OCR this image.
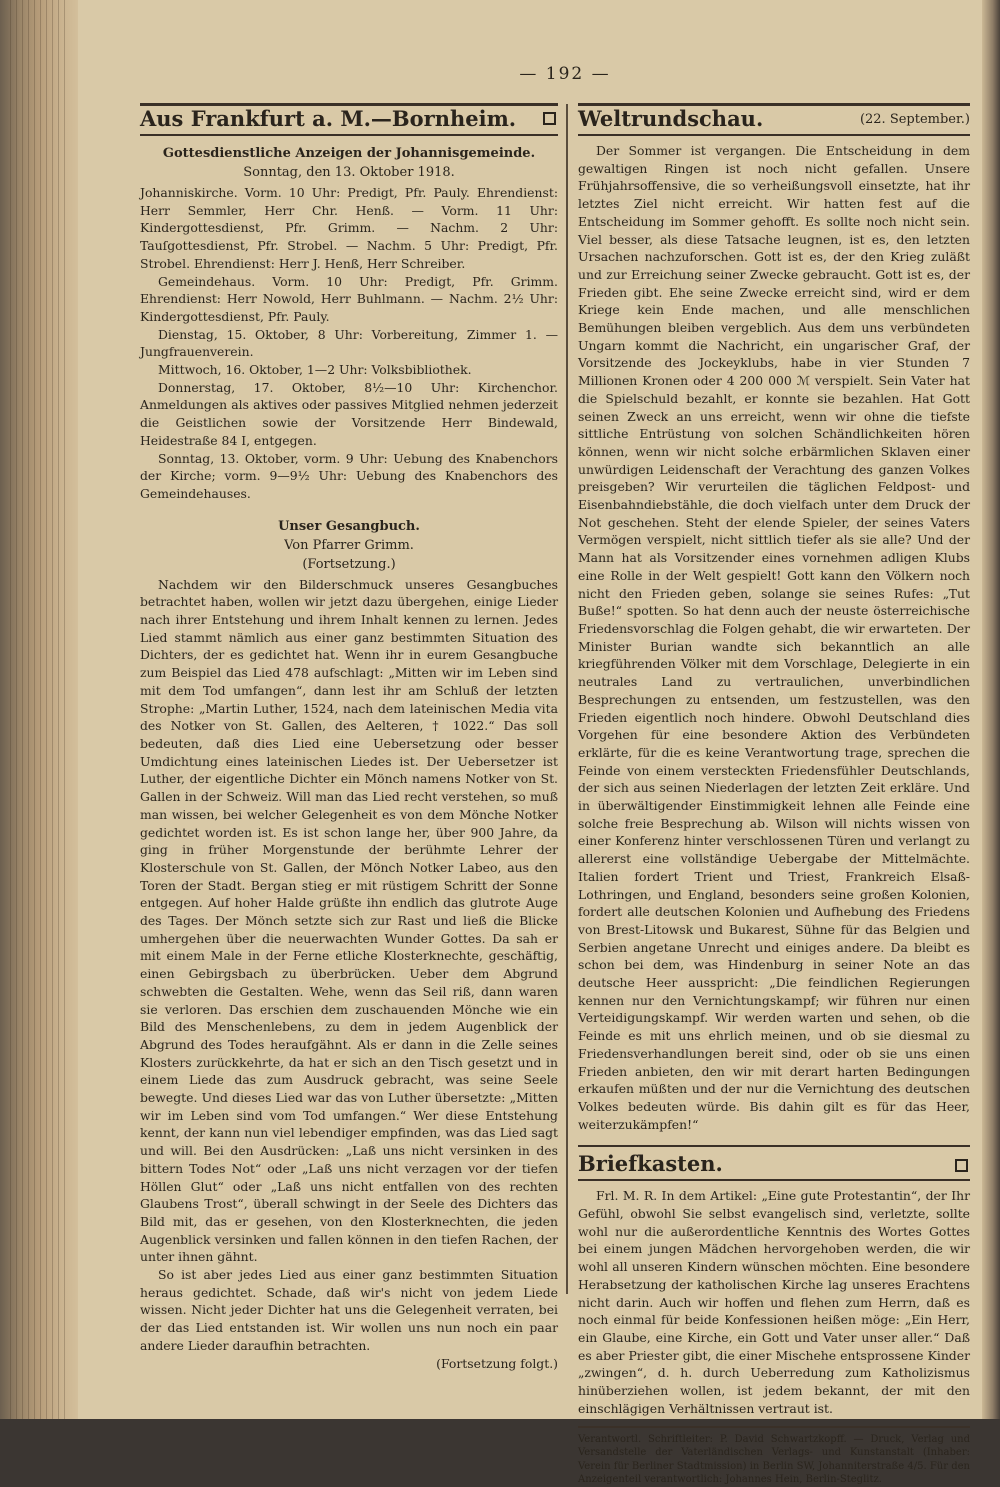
— 192 —
Aus Frankfurt a. M.—Bornheim.
Gottesdienstliche Anzeigen der Johannisgemeinde.
Sonntag, den 13. Oktober 1918.

Johanniskirche. Vorm. 10 Uhr: Predigt, Pfr. Pauly. Ehrendienst: Herr Semmler, Herr Chr. Henß. — Vorm. 11 Uhr: Kindergottesdienst, Pfr. Grimm. — Nachm. 2 Uhr: Tauſgottesdienst, Pfr. Strobel. — Nachm. 5 Uhr: Predigt, Pfr. Strobel. Ehrendienst: Herr J. Henß, Herr Schreiber.

Gemeindehaus. Vorm. 10 Uhr: Predigt, Pfr. Grimm. Ehrendienst: Herr Nowold, Herr Buhlmann. — Nachm. 2½ Uhr: Kindergottesdienst, Pfr. Pauly.

Dienstag, 15. Oktober, 8 Uhr: Vorbereitung, Zimmer 1. — Jungfrauenverein.

Mittwoch, 16. Oktober, 1—2 Uhr: Volksbibliothek.

Donnerstag, 17. Oktober, 8½—10 Uhr: Kirchenchor. Anmeldungen als aktives oder passives Mitglied nehmen jederzeit die Geistlichen sowie der Vorsitzende Herr Bindewald, Heidestraße 84 I, entgegen.

Sonntag, 13. Oktober, vorm. 9 Uhr: Uebung des Knabenchors der Kirche; vorm. 9—9½ Uhr: Uebung des Knabenchors des Gemeindehauses.

Unser Gesangbuch.
Von Pfarrer Grimm.
(Fortsetzung.)

Nachdem wir den Bilderschmuck unseres Gesangbuches betrachtet haben, wollen wir jetzt dazu übergehen, einige Lieder nach ihrer Entstehung und ihrem Inhalt kennen zu lernen. Jedes Lied stammt nämlich aus einer ganz bestimmten Situation des Dichters, der es gedichtet hat. Wenn ihr in eurem Gesangbuche zum Beispiel das Lied 478 aufschlagt: „Mitten wir im Leben sind mit dem Tod umfangen“, dann lest ihr am Schluß der letzten Strophe: „Martin Luther, 1524, nach dem lateinischen Media vita des Notker von St. Gallen, des Aelteren, † 1022.“ Das soll bedeuten, daß dies Lied eine Uebersetzung oder besser Umdichtung eines lateinischen Liedes ist. Der Uebersetzer ist Luther, der eigentliche Dichter ein Mönch namens Notker von St. Gallen in der Schweiz. Will man das Lied recht verstehen, so muß man wissen, bei welcher Gelegenheit es von dem Mönche Notker gedichtet worden ist. Es ist schon lange her, über 900 Jahre, da ging in früher Morgenstunde der berühmte Lehrer der Klosterschule von St. Gallen, der Mönch Notker Labeo, aus den Toren der Stadt. Bergan stieg er mit rüstigem Schritt der Sonne entgegen. Auf hoher Halde grüßte ihn endlich das glutrote Auge des Tages. Der Mönch setzte sich zur Rast und ließ die Blicke umhergehen über die neuerwachten Wunder Gottes. Da sah er mit einem Male in der Ferne etliche Klosterknechte, geschäftig, einen Gebirgsbach zu überbrücken. Ueber dem Abgrund schwebten die Gestalten. Wehe, wenn das Seil riß, dann waren sie verloren. Das erschien dem zuschauenden Mönche wie ein Bild des Menschenlebens, zu dem in jedem Augenblick der Abgrund des Todes heraufgähnt. Als er dann in die Zelle seines Klosters zurückkehrte, da hat er sich an den Tisch gesetzt und in einem Liede das zum Ausdruck gebracht, was seine Seele bewegte. Und dieses Lied war das von Luther übersetzte: „Mitten wir im Leben sind vom Tod umfangen.“ Wer diese Entstehung kennt, der kann nun viel lebendiger empfinden, was das Lied sagt und will. Bei den Ausdrücken: „Laß uns nicht versinken in des bittern Todes Not“ oder „Laß uns nicht verzagen vor der tiefen Höllen Glut“ oder „Laß uns nicht entfallen von des rechten Glaubens Trost“, überall schwingt in der Seele des Dichters das Bild mit, das er gesehen, von den Klosterknechten, die jeden Augenblick versinken und fallen können in den tiefen Rachen, der unter ihnen gähnt.

So ist aber jedes Lied aus einer ganz bestimmten Situation heraus gedichtet. Schade, daß wir's nicht von jedem Liede wissen. Nicht jeder Dichter hat uns die Gelegenheit verraten, bei der das Lied entstanden ist. Wir wollen uns nun noch ein paar andere Lieder daraufhin betrachten.

(Fortsetzung folgt.)
Weltrundschau.	(22. September.)

Der Sommer ist vergangen. Die Entscheidung in dem gewaltigen Ringen ist noch nicht gefallen. Unsere Frühjahrsoffensive, die so verheißungsvoll einsetzte, hat ihr letztes Ziel nicht erreicht. Wir hatten fest auf die Entscheidung im Sommer gehofft. Es sollte noch nicht sein. Viel besser, als diese Tatsache leugnen, ist es, den letzten Ursachen nachzuforschen. Gott ist es, der den Krieg zuläßt und zur Erreichung seiner Zwecke gebraucht. Gott ist es, der Frieden gibt. Ehe seine Zwecke erreicht sind, wird er dem Kriege kein Ende machen, und alle menschlichen Bemühungen bleiben vergeblich. Aus dem uns verbündeten Ungarn kommt die Nachricht, ein ungarischer Graf, der Vorsitzende des Jockeyklubs, habe in vier Stunden 7 Millionen Kronen oder 4 200 000 ℳ verspielt. Sein Vater hat die Spielschuld bezahlt, er konnte sie bezahlen. Hat Gott seinen Zweck an uns erreicht, wenn wir ohne die tiefste sittliche Entrüstung von solchen Schändlichkeiten hören können, wenn wir nicht solche erbärmlichen Sklaven einer unwürdigen Leidenschaft der Verachtung des ganzen Volkes preisgeben? Wir verurteilen die täglichen Feldpost- und Eisenbahndiebstähle, die doch vielfach unter dem Druck der Not geschehen. Steht der elende Spieler, der seines Vaters Vermögen verspielt, nicht sittlich tiefer als sie alle? Und der Mann hat als Vorsitzender eines vornehmen adligen Klubs eine Rolle in der Welt gespielt! Gott kann den Völkern noch nicht den Frieden geben, solange sie seines Rufes: „Tut Buße!“ spotten. So hat denn auch der neuste österreichische Friedensvorschlag die Folgen gehabt, die wir erwarteten. Der Minister Burian wandte sich bekanntlich an alle kriegführenden Völker mit dem Vorschlage, Delegierte in ein neutrales Land zu vertraulichen, unverbindlichen Besprechungen zu entsenden, um festzustellen, was den Frieden eigentlich noch hindere. Obwohl Deutschland dies Vorgehen für eine besondere Aktion des Verbündeten erklärte, für die es keine Verantwortung trage, sprechen die Feinde von einem versteckten Friedensfühler Deutschlands, der sich aus seinen Niederlagen der letzten Zeit erkläre. Und in überwältigender Einstimmigkeit lehnen alle Feinde eine solche freie Besprechung ab. Wilson will nichts wissen von einer Konferenz hinter verschlossenen Türen und verlangt zu allererst eine vollständige Uebergabe der Mittelmächte. Italien fordert Trient und Triest, Frankreich Elsaß-Lothringen, und England, besonders seine großen Kolonien, fordert alle deutschen Kolonien und Aufhebung des Friedens von Brest-Litowsk und Bukarest, Sühne für das Belgien und Serbien angetane Unrecht und einiges andere. Da bleibt es schon bei dem, was Hindenburg in seiner Note an das deutsche Heer ausspricht: „Die feindlichen Regierungen kennen nur den Vernichtungskampf; wir führen nur einen Verteidigungskampf. Wir werden warten und sehen, ob die Feinde es mit uns ehrlich meinen, und ob sie diesmal zu Friedensverhandlungen bereit sind, oder ob sie uns einen Frieden anbieten, den wir mit derart harten Bedingungen erkaufen müßten und der nur die Vernichtung des deutschen Volkes bedeuten würde. Bis dahin gilt es für das Heer, weiterzukämpfen!“

Briefkasten.

Frl. M. R. In dem Artikel: „Eine gute Protestantin“, der Ihr Gefühl, obwohl Sie selbst evangelisch sind, verletzte, sollte wohl nur die außerordentliche Kenntnis des Wortes Gottes bei einem jungen Mädchen hervorgehoben werden, die wir wohl all unseren Kindern wünschen möchten. Eine besondere Herabsetzung der katholischen Kirche lag unseres Erachtens nicht darin. Auch wir hoffen und flehen zum Herrn, daß es noch einmal für beide Konfessionen heißen möge: „Ein Herr, ein Glaube, eine Kirche, ein Gott und Vater unser aller.“ Daß es aber Priester gibt, die einer Mischehe entsprossene Kinder „zwingen“, d. h. durch Ueberredung zum Katholizismus hinüberziehen wollen, ist jedem bekannt, der mit den einschlägigen Verhältnissen vertraut ist.

Verantwortl. Schriftleiter: P. David Schwartzkopff. — Druck, Verlag und Versandstelle der Vaterländischen Verlags- und Kunstanstalt (Inhaber: Verein für Berliner Stadtmission) in Berlin SW, Johanniterstraße 4/5. Für den Anzeigenteil verantwortlich: Johannes Hein, Berlin-Steglitz.
